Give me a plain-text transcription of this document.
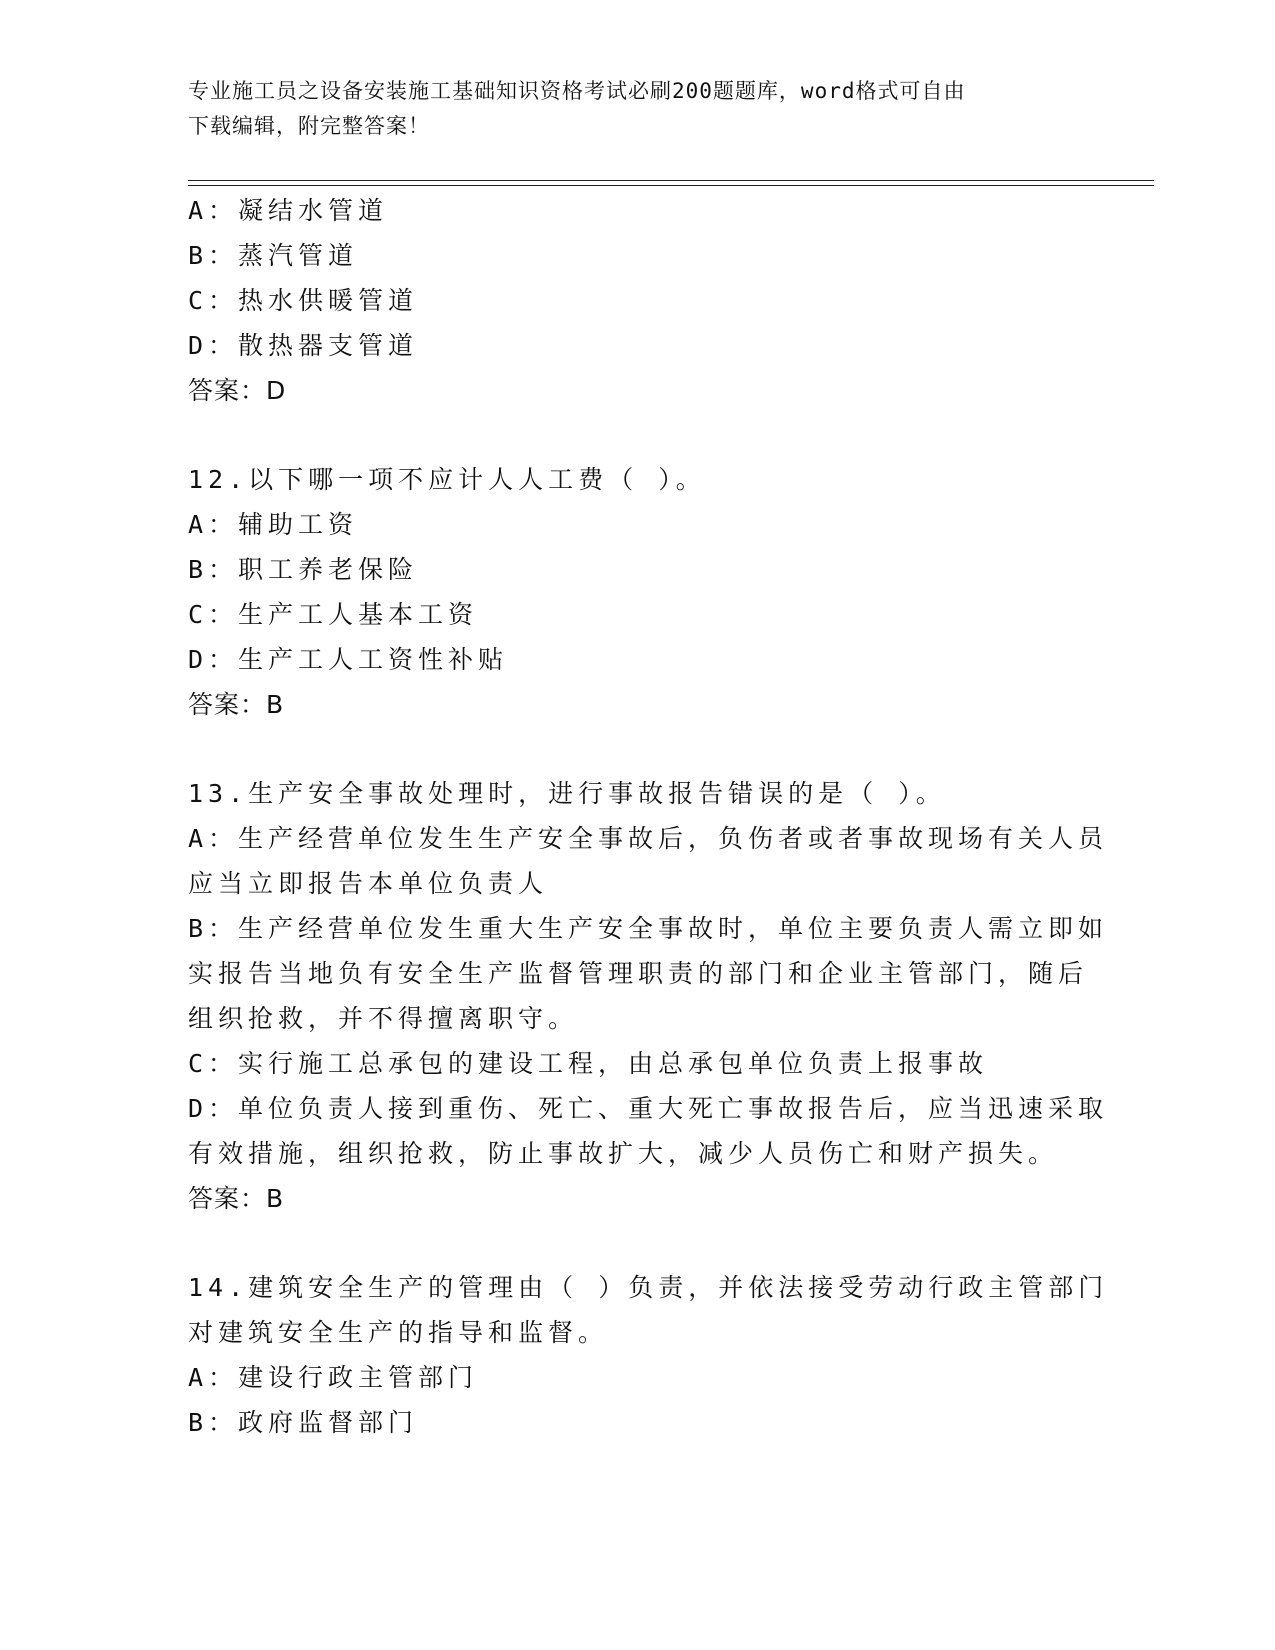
专业施工员之设备安装施工基础知识资格考试必刷200题题库，word格式可自由
下载编辑，附完整答案！
A：凝结水管道
B：蒸汽管道
C：热水供暖管道
D：散热器支管道
答案：D
12.以下哪一项不应计人人工费（ ）。
A：辅助工资
B：职工养老保险
C：生产工人基本工资
D：生产工人工资性补贴
答案：B
13.生产安全事故处理时，进行事故报告错误的是（ ）。
A：生产经营单位发生生产安全事故后，负伤者或者事故现场有关人员
应当立即报告本单位负责人
B：生产经营单位发生重大生产安全事故时，单位主要负责人需立即如
实报告当地负有安全生产监督管理职责的部门和企业主管部门，随后
组织抢救，并不得擅离职守。
C：实行施工总承包的建设工程，由总承包单位负责上报事故
D：单位负责人接到重伤、死亡、重大死亡事故报告后，应当迅速采取
有效措施，组织抢救，防止事故扩大，减少人员伤亡和财产损失。
答案：B
14.建筑安全生产的管理由（ ）负责，并依法接受劳动行政主管部门
对建筑安全生产的指导和监督。
A：建设行政主管部门
B：政府监督部门
